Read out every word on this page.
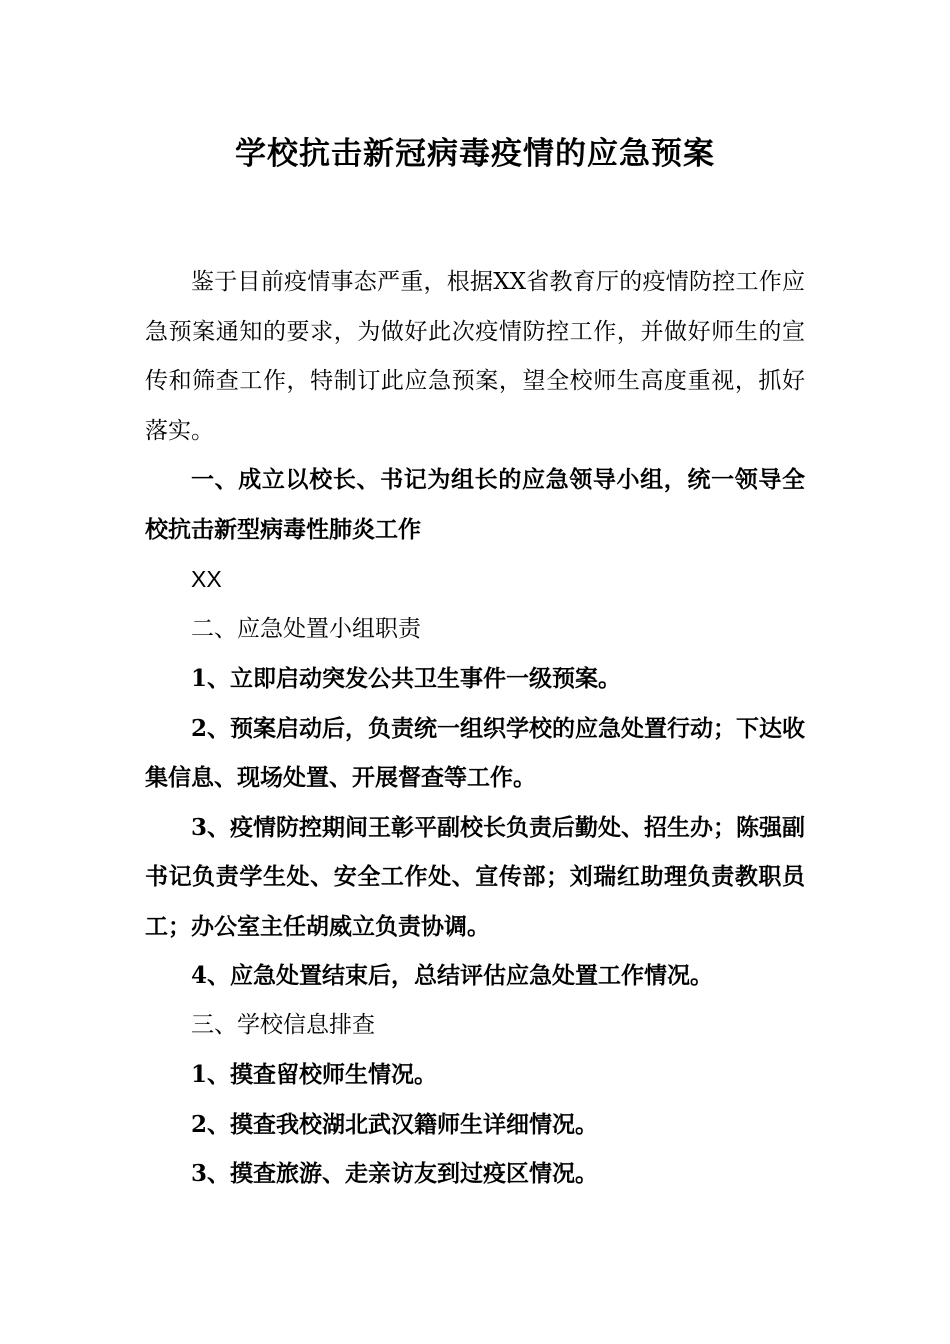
学校抗击新冠病毒疫情的应急预案

鉴于目前疫情事态严重，根据XX省教育厅的疫情防控工作应急预案通知的要求，为做好此次疫情防控工作，并做好师生的宣传和筛查工作，特制订此应急预案，望全校师生高度重视，抓好落实。

一、成立以校长、书记为组长的应急领导小组，统一领导全校抗击新型病毒性肺炎工作

XX

二、应急处置小组职责

1、立即启动突发公共卫生事件一级预案。

2、预案启动后，负责统一组织学校的应急处置行动；下达收集信息、现场处置、开展督查等工作。

3、疫情防控期间王彰平副校长负责后勤处、招生办；陈强副书记负责学生处、安全工作处、宣传部；刘瑞红助理负责教职员工；办公室主任胡威立负责协调。

4、应急处置结束后，总结评估应急处置工作情况。

三、学校信息排查

1、摸查留校师生情况。

2、摸查我校湖北武汉籍师生详细情况。

3、摸查旅游、走亲访友到过疫区情况。
